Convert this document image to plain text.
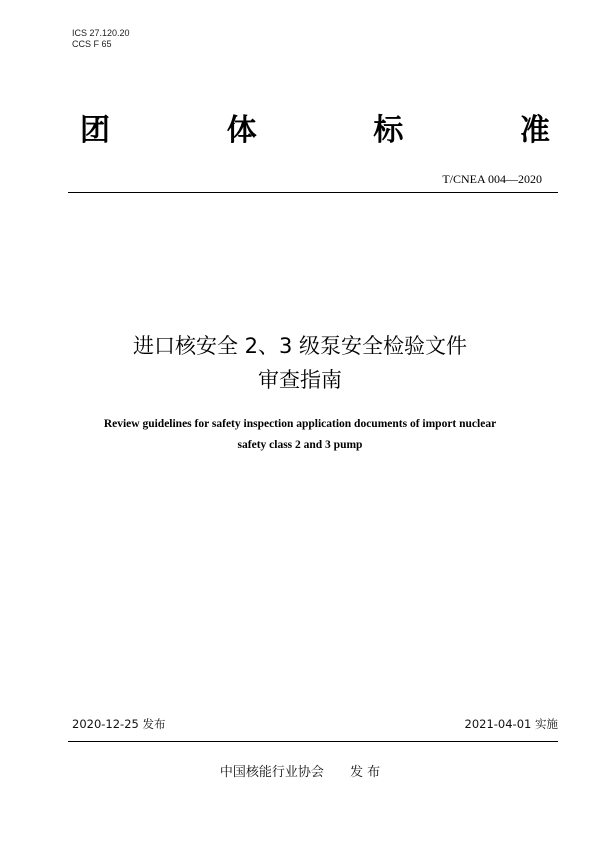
ICS 27.120.20
CCS F 65
团	体	标	准
T/CNEA 004—2020
进口核安全 2、3 级泵安全检验文件
审查指南
Review guidelines for safety inspection application documents of import nuclear
safety class 2 and 3 pump
2020-12-25 发布	2021-04-01 实施
中国核能行业协会 发 布
